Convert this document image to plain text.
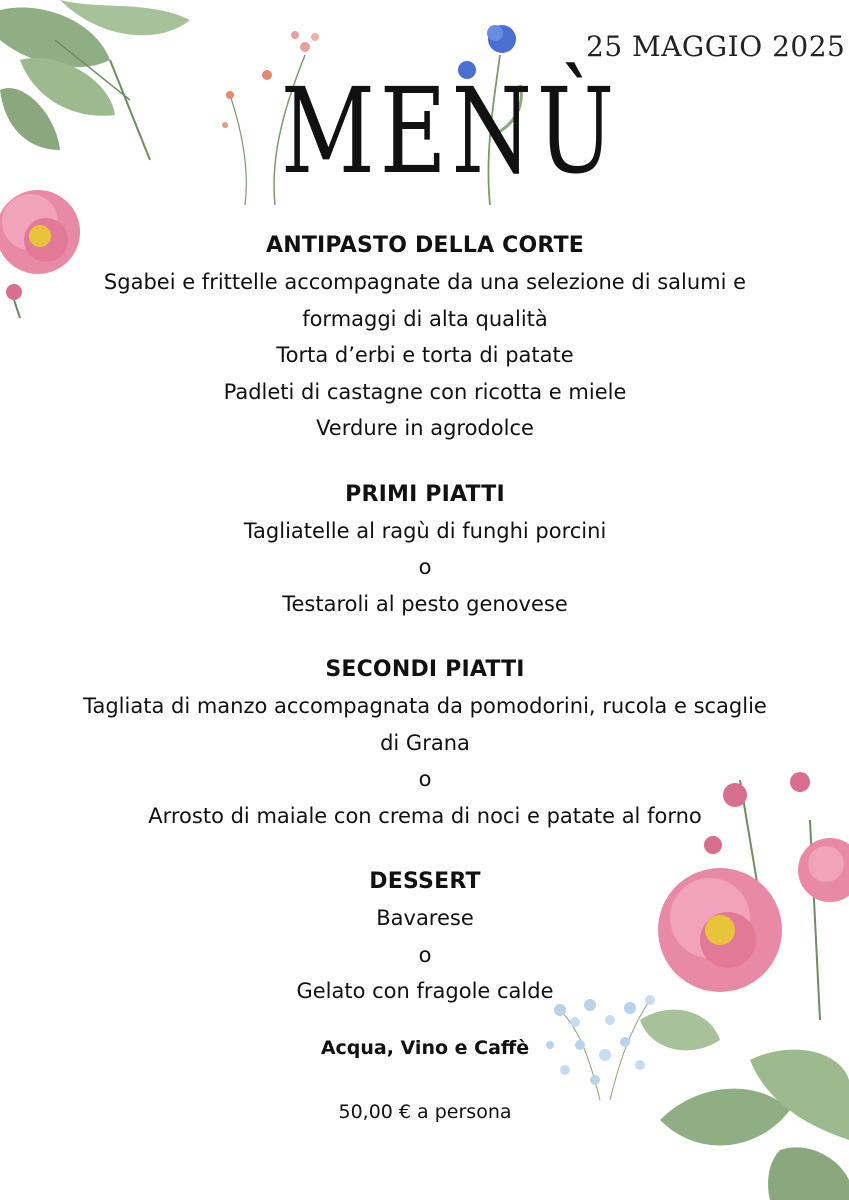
25 MAGGIO 2025
MENÙ

ANTIPASTO DELLA CORTE

Sgabei e frittelle accompagnate da una selezione di salumi e

formaggi di alta qualità

Torta d’erbi e torta di patate

Padleti di castagne con ricotta e miele

Verdure in agrodolce

PRIMI PIATTI

Tagliatelle al ragù di funghi porcini

o

Testaroli al pesto genovese

SECONDI PIATTI

Tagliata di manzo accompagnata da pomodorini, rucola e scaglie

di Grana

o

Arrosto di maiale con crema di noci e patate al forno

DESSERT

Bavarese

o

Gelato con fragole calde

Acqua, Vino e Caffè
50,00 € a persona
